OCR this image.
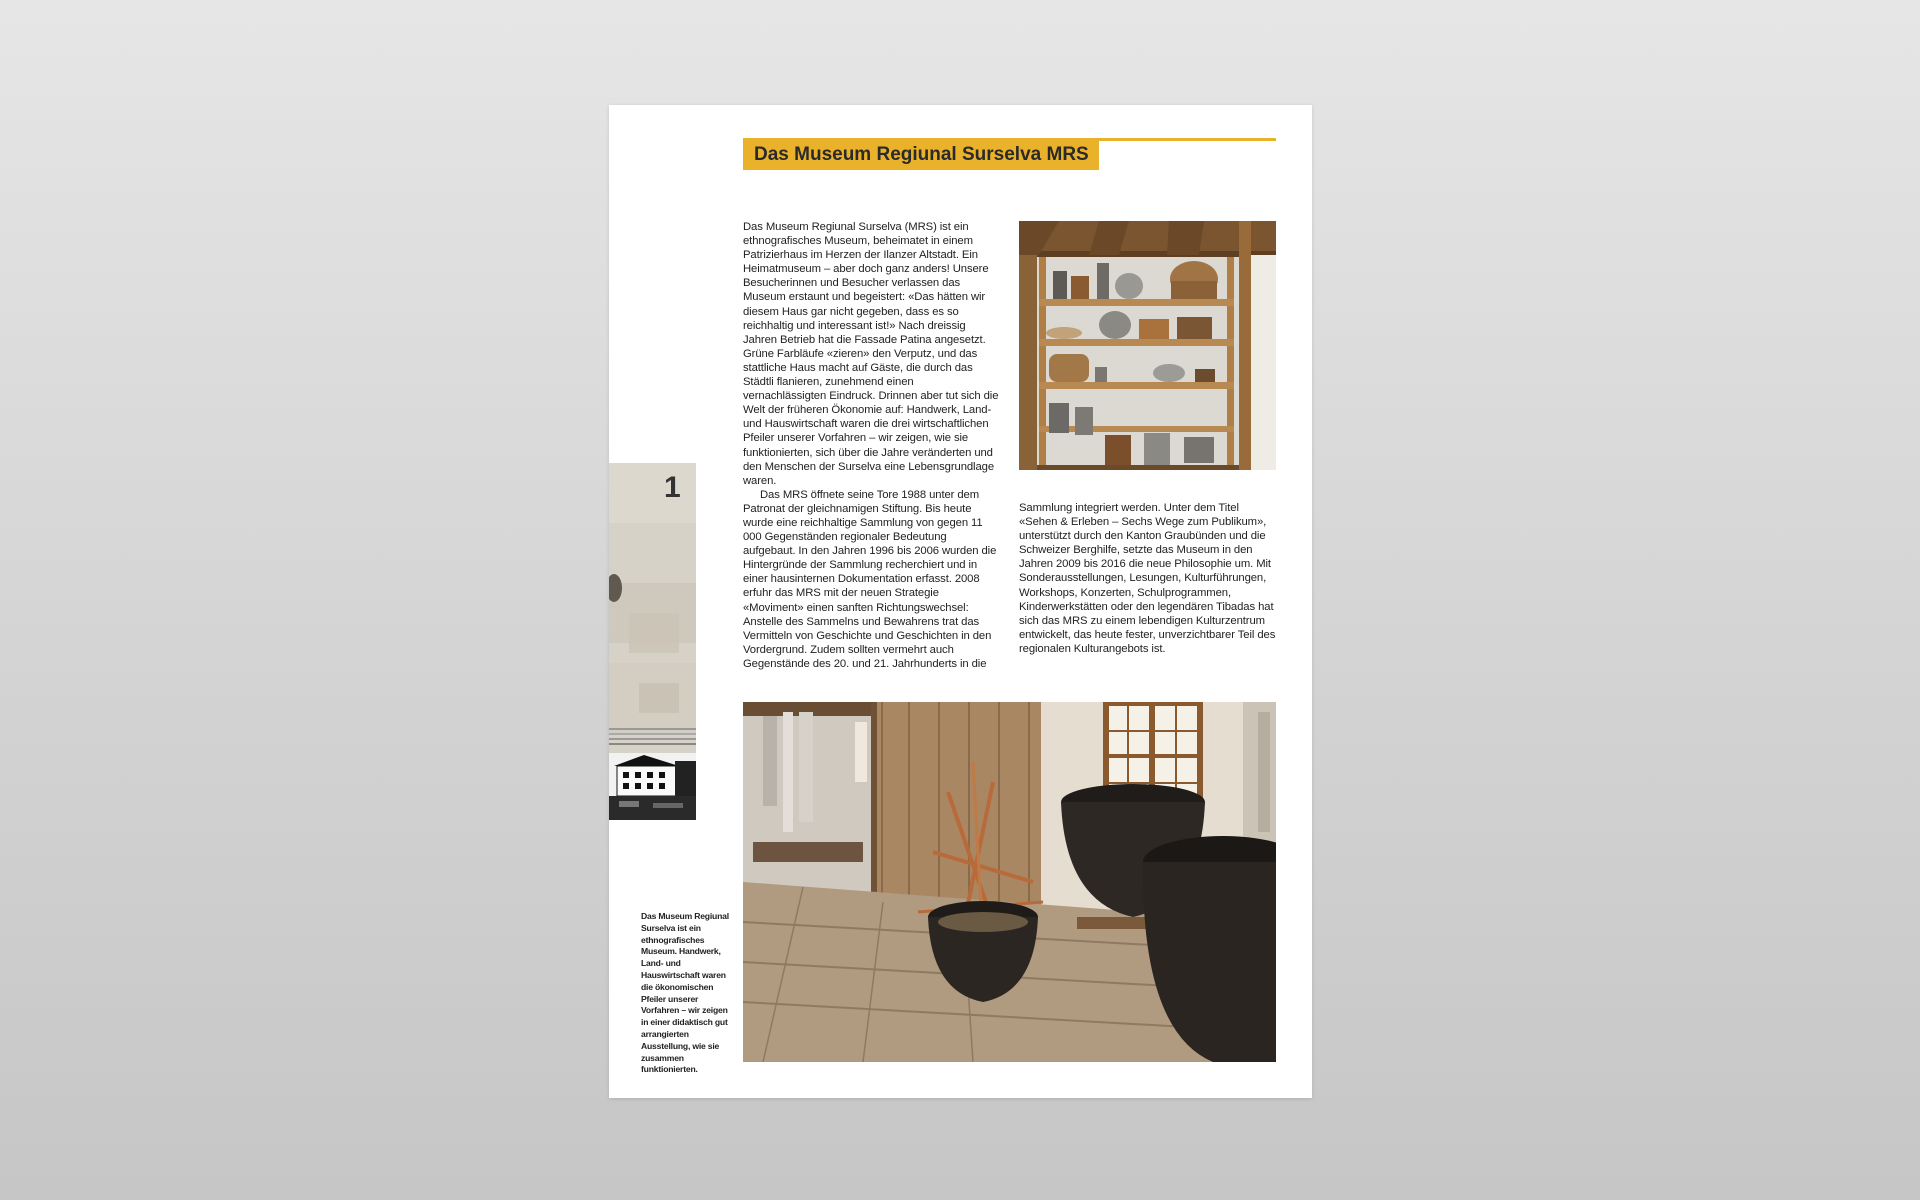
Das Museum Regiunal Surselva MRS

Das Museum Regiunal Surselva (MRS) ist ein ethnografisches Museum, beheimatet in einem Patrizierhaus im Herzen der Ilanzer Altstadt. Ein Heimatmuseum – aber doch ganz anders! Unsere Besucherinnen und Besucher verlassen das Museum erstaunt und begeistert: «Das hätten wir diesem Haus gar nicht gegeben, dass es so reichhaltig und interessant ist!» Nach dreissig Jahren Betrieb hat die Fassade Patina angesetzt. Grüne Farbläufe «zieren» den Verputz, und das stattliche Haus macht auf Gäste, die durch das Städtli flanieren, zunehmend einen vernachlässigten Eindruck. Drinnen aber tut sich die Welt der früheren Ökonomie auf: Handwerk, Land- und Hauswirtschaft waren die drei wirtschaftlichen Pfeiler unserer Vorfahren – wir zeigen, wie sie funktionierten, sich über die Jahre veränderten und den Menschen der Surselva eine Lebensgrundlage waren.

Das MRS öffnete seine Tore 1988 unter dem Patronat der gleichnamigen Stiftung. Bis heute wurde eine reichhaltige Sammlung von gegen 11 000 Gegenständen regionaler Bedeutung aufgebaut. In den Jahren 1996 bis 2006 wurden die Hintergründe der Sammlung recherchiert und in einer hausinternen Dokumentation erfasst. 2008 erfuhr das MRS mit der neuen Strategie «Moviment» einen sanften Richtungswechsel: Anstelle des Sammelns und Bewahrens trat das Vermitteln von Geschichte und Geschichten in den Vordergrund. Zudem sollten vermehrt auch Gegenstände des 20. und 21. Jahrhunderts in die

Sammlung integriert werden. Unter dem Titel «Sehen & Erleben – Sechs Wege zum Publikum», unterstützt durch den Kanton Graubünden und die Schweizer Berghilfe, setzte das Museum in den Jahren 2009 bis 2016 die neue Philosophie um. Mit Sonderausstellungen, Lesungen, Kulturführungen, Workshops, Konzerten, Schulprogrammen, Kinderwerkstätten oder den legendären Tibadas hat sich das MRS zu einem lebendigen Kulturzentrum entwickelt, das heute fester, unverzichtbarer Teil des regionalen Kulturangebots ist.

1
Das Museum Regiunal Surselva ist ein ethnografisches Museum. Handwerk, Land- und Hauswirtschaft waren die ökonomischen Pfeiler unserer Vorfahren – wir zeigen in einer didaktisch gut arrangierten Ausstellung, wie sie zusammen funktionierten.
